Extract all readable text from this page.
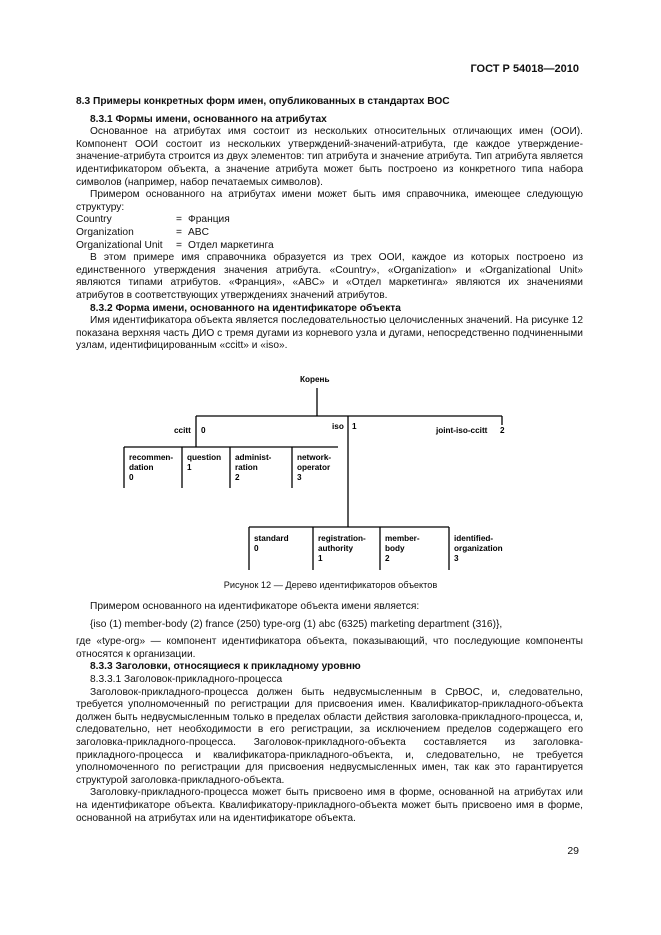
ГОСТ Р 54018—2010

8.3 Примеры конкретных форм имен, опубликованных в стандартах ВОС

8.3.1 Формы имени, основанного на атрибутах

Основанное на атрибутах имя состоит из нескольких относительных отличающих имен (ООИ). Компонент ООИ состоит из нескольких утверждений-значений-атрибута, где каждое утверждение-значение-атрибута строится из двух элементов: тип атрибута и значение атрибута. Тип атрибута является идентификатором объекта, а значение атрибута может быть построено из конкретного типа набора символов (например, набор печатаемых символов).

Примером основанного на атрибутах имени может быть имя справочника, имеющее следующую структуру:

Country	= Франция
Organization	= ABC
Organizational Unit	= Отдел маркетинга

В этом примере имя справочника образуется из трех ООИ, каждое из которых построено из единственного утверждения значения атрибута. «Country», «Organization» и «Organizational Unit» являются типами атрибутов. «Франция», «ABC» и «Отдел маркетинга» являются их значениями атрибутов в соответствующих утверждениях значений атрибутов.

8.3.2 Форма имени, основанного на идентификаторе объекта

Имя идентификатора объекта является последовательностью целочисленных значений. На рисунке 12 показана верхняя часть ДИО с тремя дугами из корневого узла и дугами, непосредственно подчиненными узлам, идентифицированным «ccitt» и «iso».

Корень
ccitt 0	iso 1	joint-iso-ccitt 2
recommen-
dation
0
question
1
administ-
ration
2
network-
operator
3
standard
0
registration-
authority
1
member-
body
2
identified-
organization
3
Рисунок 12 — Дерево идентификаторов объектов

Примером основанного на идентификаторе объекта имени является:

{iso (1) member-body (2) france (250) type-org (1) abc (6325) marketing department (316)},

где «type-org» — компонент идентификатора объекта, показывающий, что последующие компоненты относятся к организации.

8.3.3 Заголовки, относящиеся к прикладному уровню

8.3.3.1 Заголовок-прикладного-процесса

Заголовок-прикладного-процесса должен быть недвусмысленным в СрВОС, и, следовательно, требуется уполномоченный по регистрации для присвоения имен. Квалификатор-прикладного-объекта должен быть недвусмысленным только в пределах области действия заголовка-прикладного-процесса, и, следовательно, нет необходимости в его регистрации, за исключением пределов содержащего его заголовка-прикладного-процесса. Заголовок-прикладного-объекта составляется из заголовка-прикладного-процесса и квалификатора-прикладного-объекта, и, следовательно, не требуется уполномоченного по регистрации для присвоения недвусмысленных имен, так как это гарантируется структурой заголовка-прикладного-объекта.

Заголовку-прикладного-процесса может быть присвоено имя в форме, основанной на атрибутах или на идентификаторе объекта. Квалификатору-прикладного-объекта может быть присвоено имя в форме, основанной на атрибутах или на идентификаторе объекта.

29
